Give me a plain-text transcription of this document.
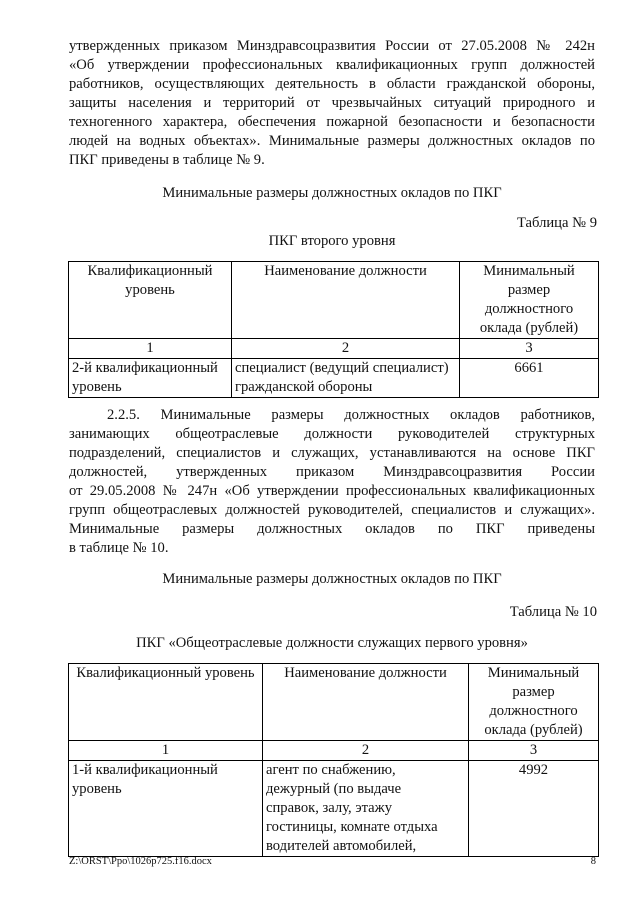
утвержденных приказом Минздравсоцразвития России от 27.05.2008 № 242н
«Об утверждении профессиональных квалификационных групп должностей
работников, осуществляющих деятельность в области гражданской обороны,
защиты населения и территорий от чрезвычайных ситуаций природного и
техногенного характера, обеспечения пожарной безопасности и безопасности
людей на водных объектах». Минимальные размеры должностных окладов по
ПКГ приведены в таблице № 9.
Минимальные размеры должностных окладов по ПКГ
Таблица № 9
ПКГ второго уровня
Квалификационный уровень	Наименование должности	Минимальный размер должностного оклада (рублей)
1	2	3
2-й квалификационный уровень	специалист (ведущий специалист) гражданской обороны	6661
2.2.5. Минимальные размеры должностных окладов работников,
занимающих общеотраслевые должности руководителей структурных
подразделений, специалистов и служащих, устанавливаются на основе ПКГ
должностей, утвержденных приказом Минздравсоцразвития России
от 29.05.2008 № 247н «Об утверждении профессиональных квалификационных
групп общеотраслевых должностей руководителей, специалистов и служащих».
Минимальные размеры должностных окладов по ПКГ приведены
в таблице № 10.
Минимальные размеры должностных окладов по ПКГ
Таблица № 10
ПКГ «Общеотраслевые должности служащих первого уровня»
Квалификационный уровень	Наименование должности	Минимальный размер должностного оклада (рублей)
1	2	3
1-й квалификационный уровень	агент по снабжению, дежурный (по выдаче справок, залу, этажу гостиницы, комнате отдыха водителей автомобилей,	4992
Z:\ORST\Ppo\1026p725.f16.docx	8
